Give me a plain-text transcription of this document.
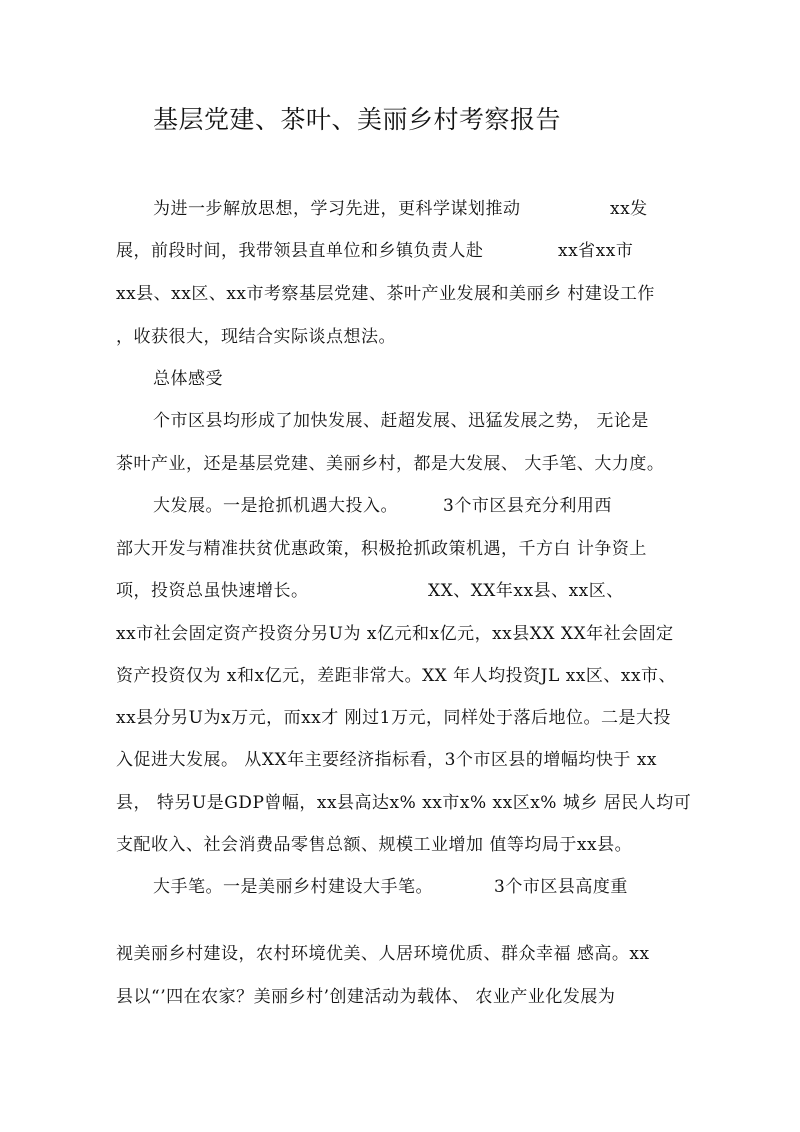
基层党建、茶叶、美丽乡村考察报告
为进一步解放思想，学习先进，更科学谋划推动	xx发
展，前段时间，我带领县直单位和乡镇负责人赴	xx省xx市
xx县、xx区、xx市考察基层党建、茶叶产业发展和美丽乡 村建设工作
，收获很大，现结合实际谈点想法。
总体感受
个市区县均形成了加快发展、赶超发展、迅猛发展之势， 无论是
茶叶产业，还是基层党建、美丽乡村，都是大发展、 大手笔、大力度。
大发展。一是抢抓机遇大投入。	3个市区县充分利用西
部大开发与精准扶贫优惠政策，积极抢抓政策机遇，千方白 计争资上
项，投资总虽快速增长。	XX、XX年xx县、xx区、
xx市社会固定资产投资分另U为 x亿元和x亿元，xx县XX XX年社会固定
资产投资仅为 x和x亿元，差距非常大。XX 年人均投资JL xx区、xx市、
xx县分另U为x万元，而xx才 刚过1万元，同样处于落后地位。二是大投
入促进大发展。 从XX年主要经济指标看，3个市区县的增幅均快于 xx
县， 特另U是GDP曾幅，xx县高达x% xx市x% xx区x% 城乡 居民人均可
支配收入、社会消费品零售总额、规模工业增加 值等均局于xx县。
大手笔。一是美丽乡村建设大手笔。	3个市区县高度重
视美丽乡村建设，农村环境优美、人居环境优质、群众幸福 感高。xx
县以“’四在农家？美丽乡村’创建活动为载体、 农业产业化发展为
